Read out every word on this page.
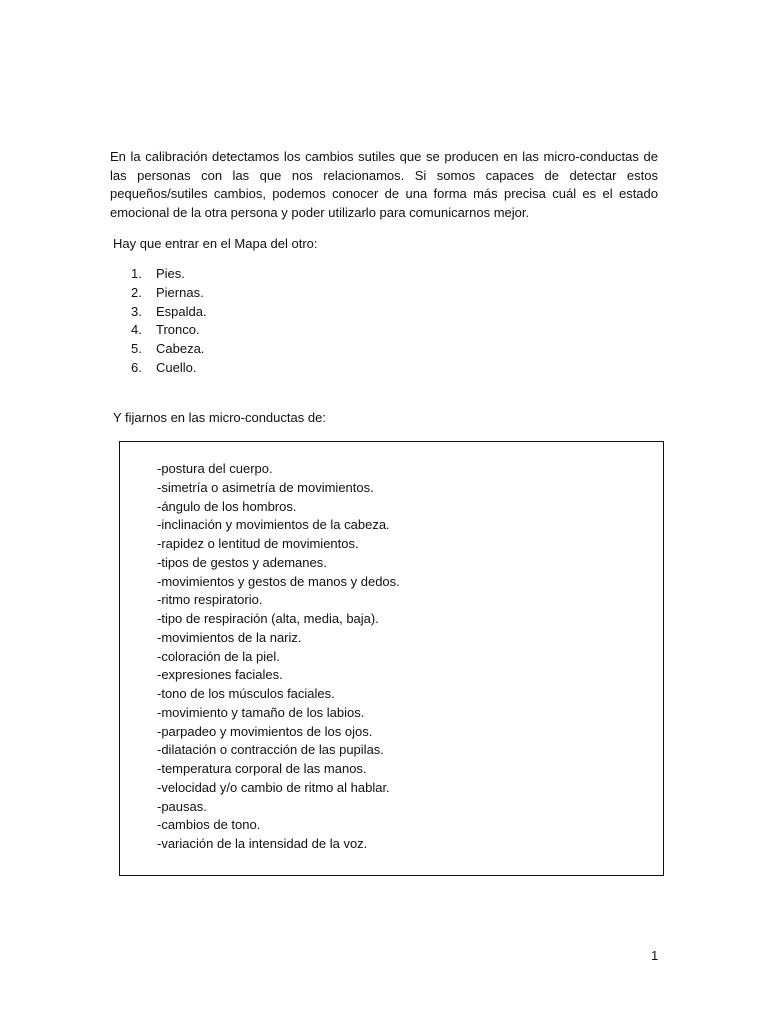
En la calibración detectamos los cambios sutiles que se producen en las micro-conductas de las personas con las que nos relacionamos. Si somos capaces de detectar estos pequeños/sutiles cambios, podemos conocer de una forma más precisa cuál es el estado emocional de la otra persona y poder utilizarlo para comunicarnos mejor.

Hay que entrar en el Mapa del otro:

1.	Pies.
2.	Piernas.
3.	Espalda.
4.	Tronco.
5.	Cabeza.
6.	Cuello.

Y fijarnos en las micro-conductas de:

-postura del cuerpo.
-simetría o asimetría de movimientos.
-ángulo de los hombros.
-inclinación y movimientos de la cabeza.
-rapidez o lentitud de movimientos.
-tipos de gestos y ademanes.
-movimientos y gestos de manos y dedos.
-ritmo respiratorio.
-tipo de respiración (alta, media, baja).
-movimientos de la nariz.
-coloración de la piel.
-expresiones faciales.
-tono de los músculos faciales.
-movimiento y tamaño de los labios.
-parpadeo y movimientos de los ojos.
-dilatación o contracción de las pupilas.
-temperatura corporal de las manos.
-velocidad y/o cambio de ritmo al hablar.
-pausas.
-cambios de tono.
-variación de la intensidad de la voz.
1
